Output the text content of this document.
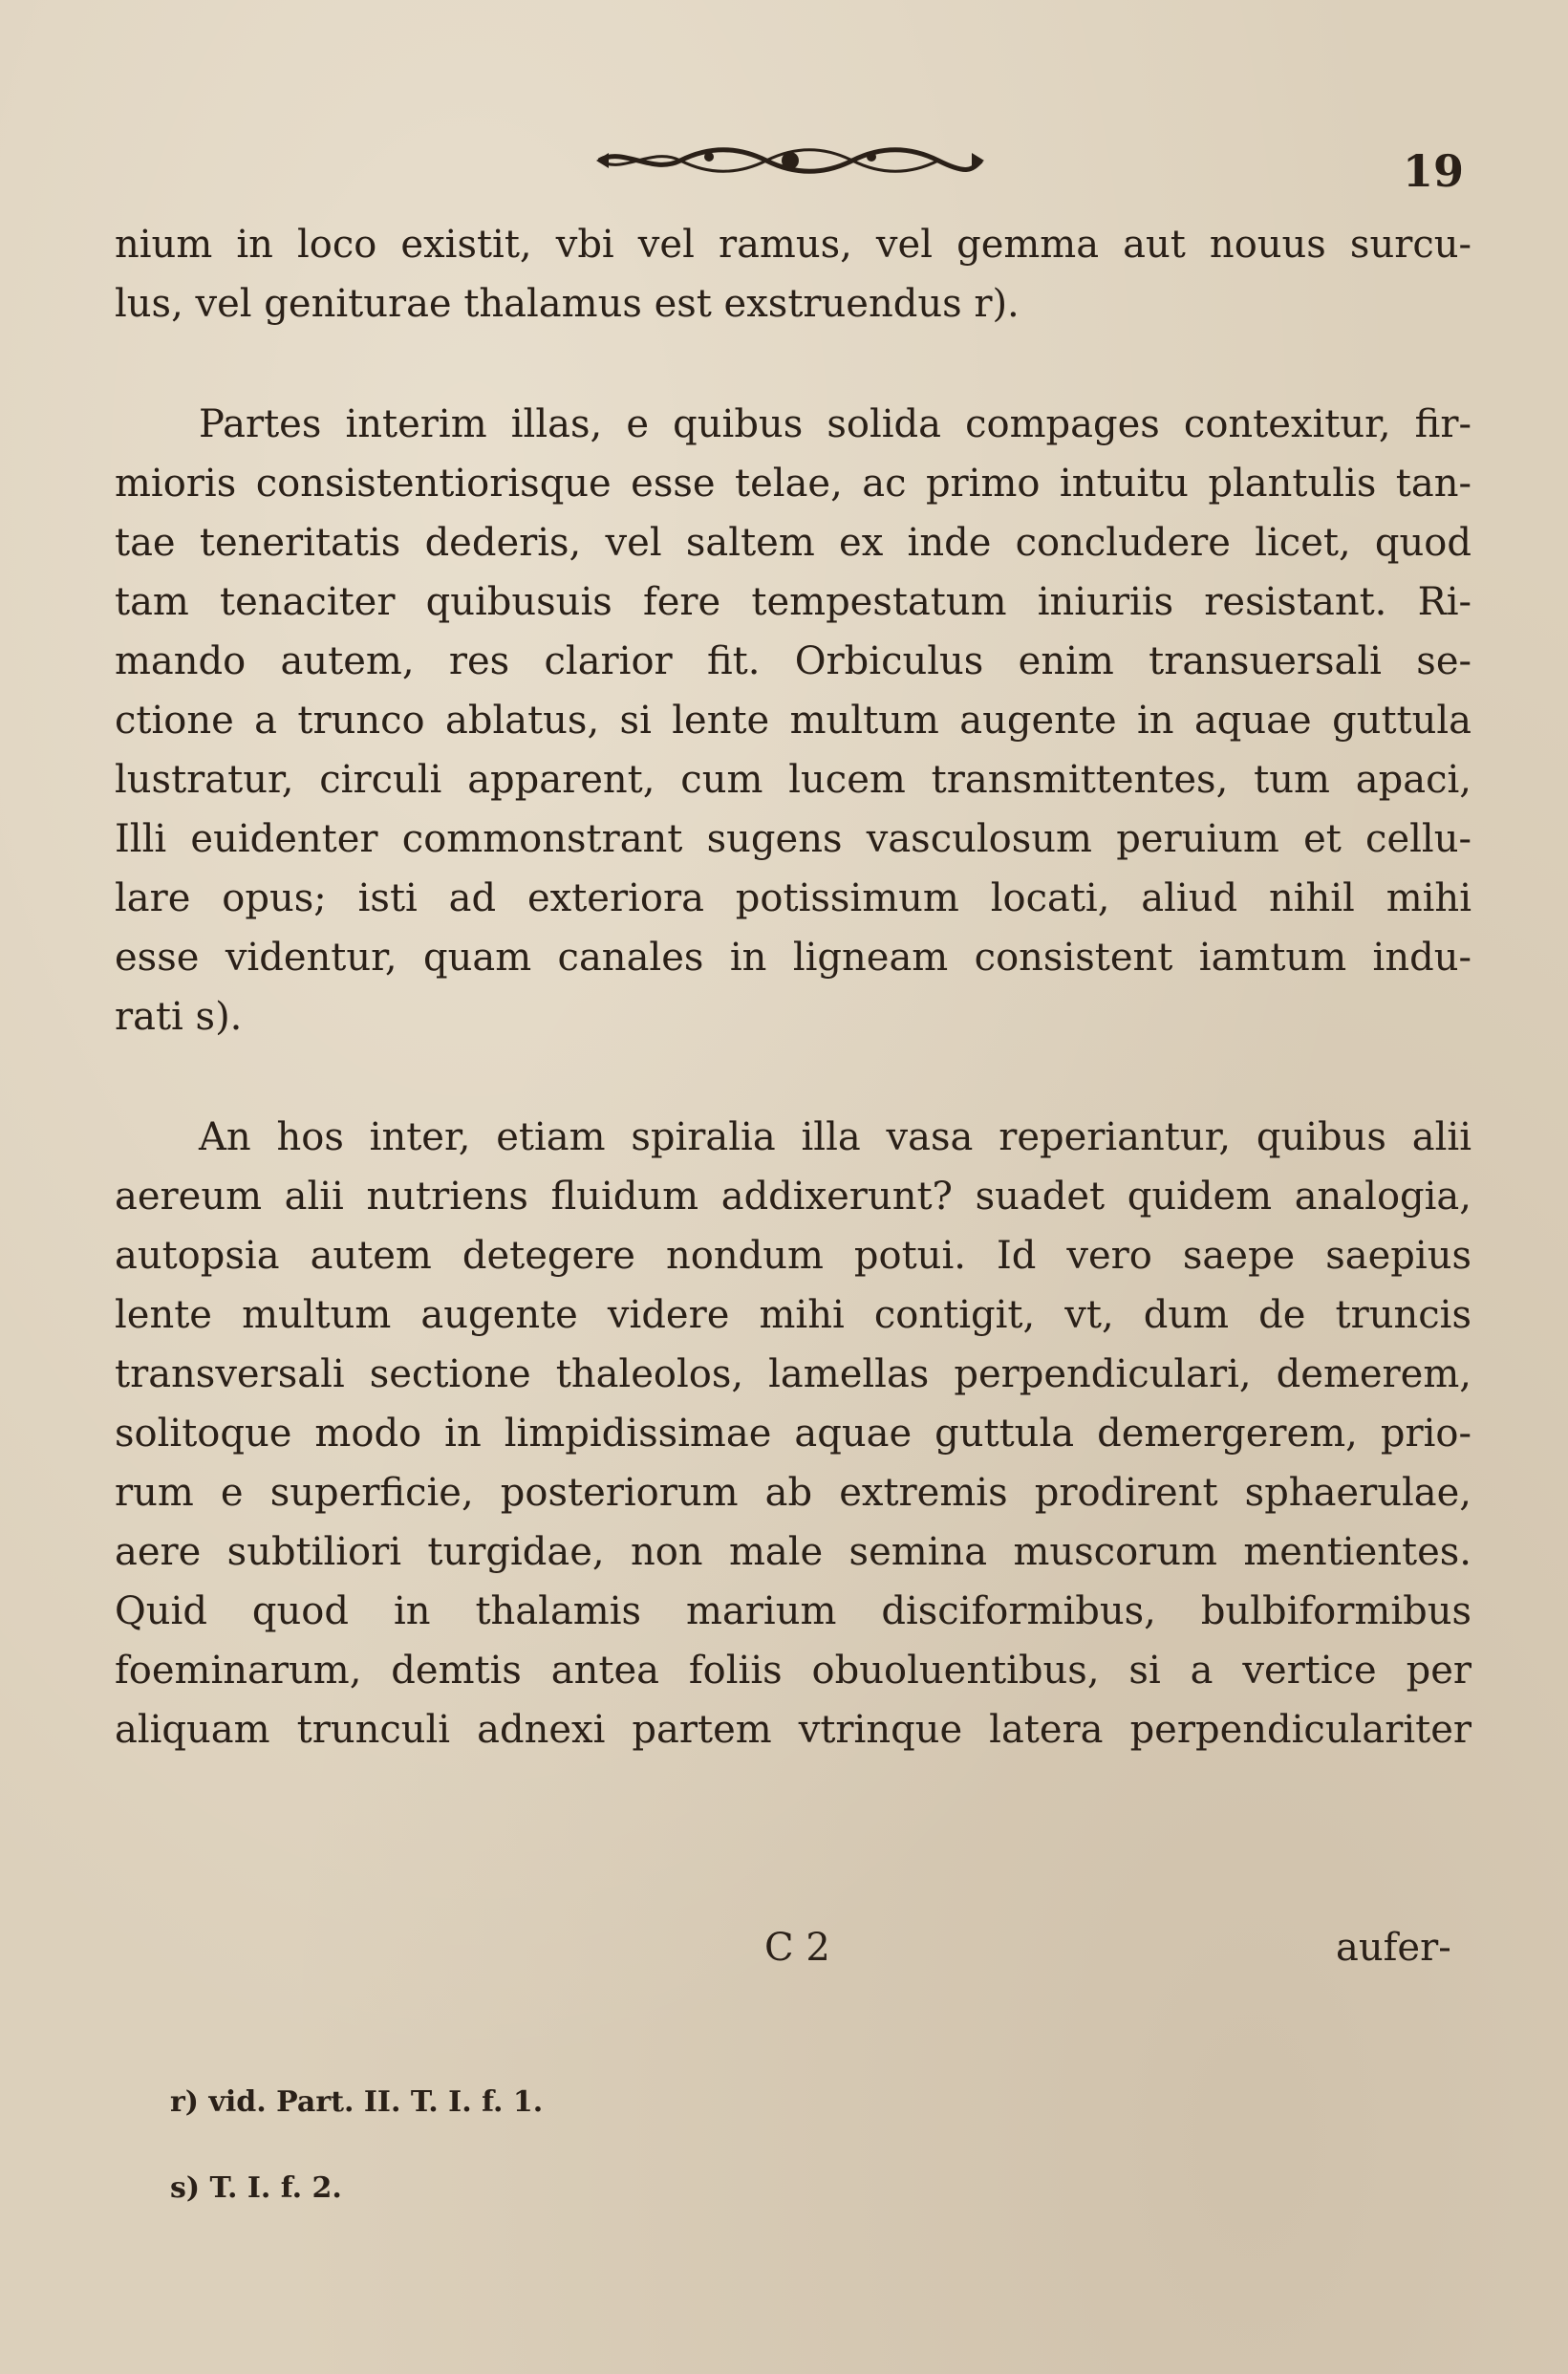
19
nium in loco existit, vbi vel ramus, vel gemma aut nouus surcu-
lus, vel geniturae thalamus est exstruendus r).
Partes interim illas, e quibus solida compages contexitur, fir-
mioris consistentiorisque esse telae, ac primo intuitu plantulis tan-
tae teneritatis dederis, vel saltem ex inde concludere licet, quod
tam tenaciter quibusuis fere tempestatum iniuriis resistant. Ri-
mando autem, res clarior fit. Orbiculus enim transuersali se-
ctione a trunco ablatus, si lente multum augente in aquae guttula
lustratur, circuli apparent, cum lucem transmittentes, tum apaci,
Illi euidenter commonstrant sugens vasculosum peruium et cellu-
lare opus; isti ad exteriora potissimum locati, aliud nihil mihi
esse videntur, quam canales in ligneam consistent iamtum indu-
rati s).
An hos inter, etiam spiralia illa vasa reperiantur, quibus alii
aereum alii nutriens fluidum addixerunt? suadet quidem analogia,
autopsia autem detegere nondum potui. Id vero saepe saepius
lente multum augente videre mihi contigit, vt, dum de truncis
transversali sectione thaleolos, lamellas perpendiculari, demerem,
solitoque modo in limpidissimae aquae guttula demergerem, prio-
rum e superficie, posteriorum ab extremis prodirent sphaerulae,
aere subtiliori turgidae, non male semina muscorum mentientes.
Quid quod in thalamis marium disciformibus, bulbiformibus
foeminarum, demtis antea foliis obuoluentibus, si a vertice per
aliquam trunculi adnexi partem vtrinque latera perpendiculariter
C 2	aufer-
r) vid. Part. II. T. I. f. 1.
s) T. I. f. 2.
